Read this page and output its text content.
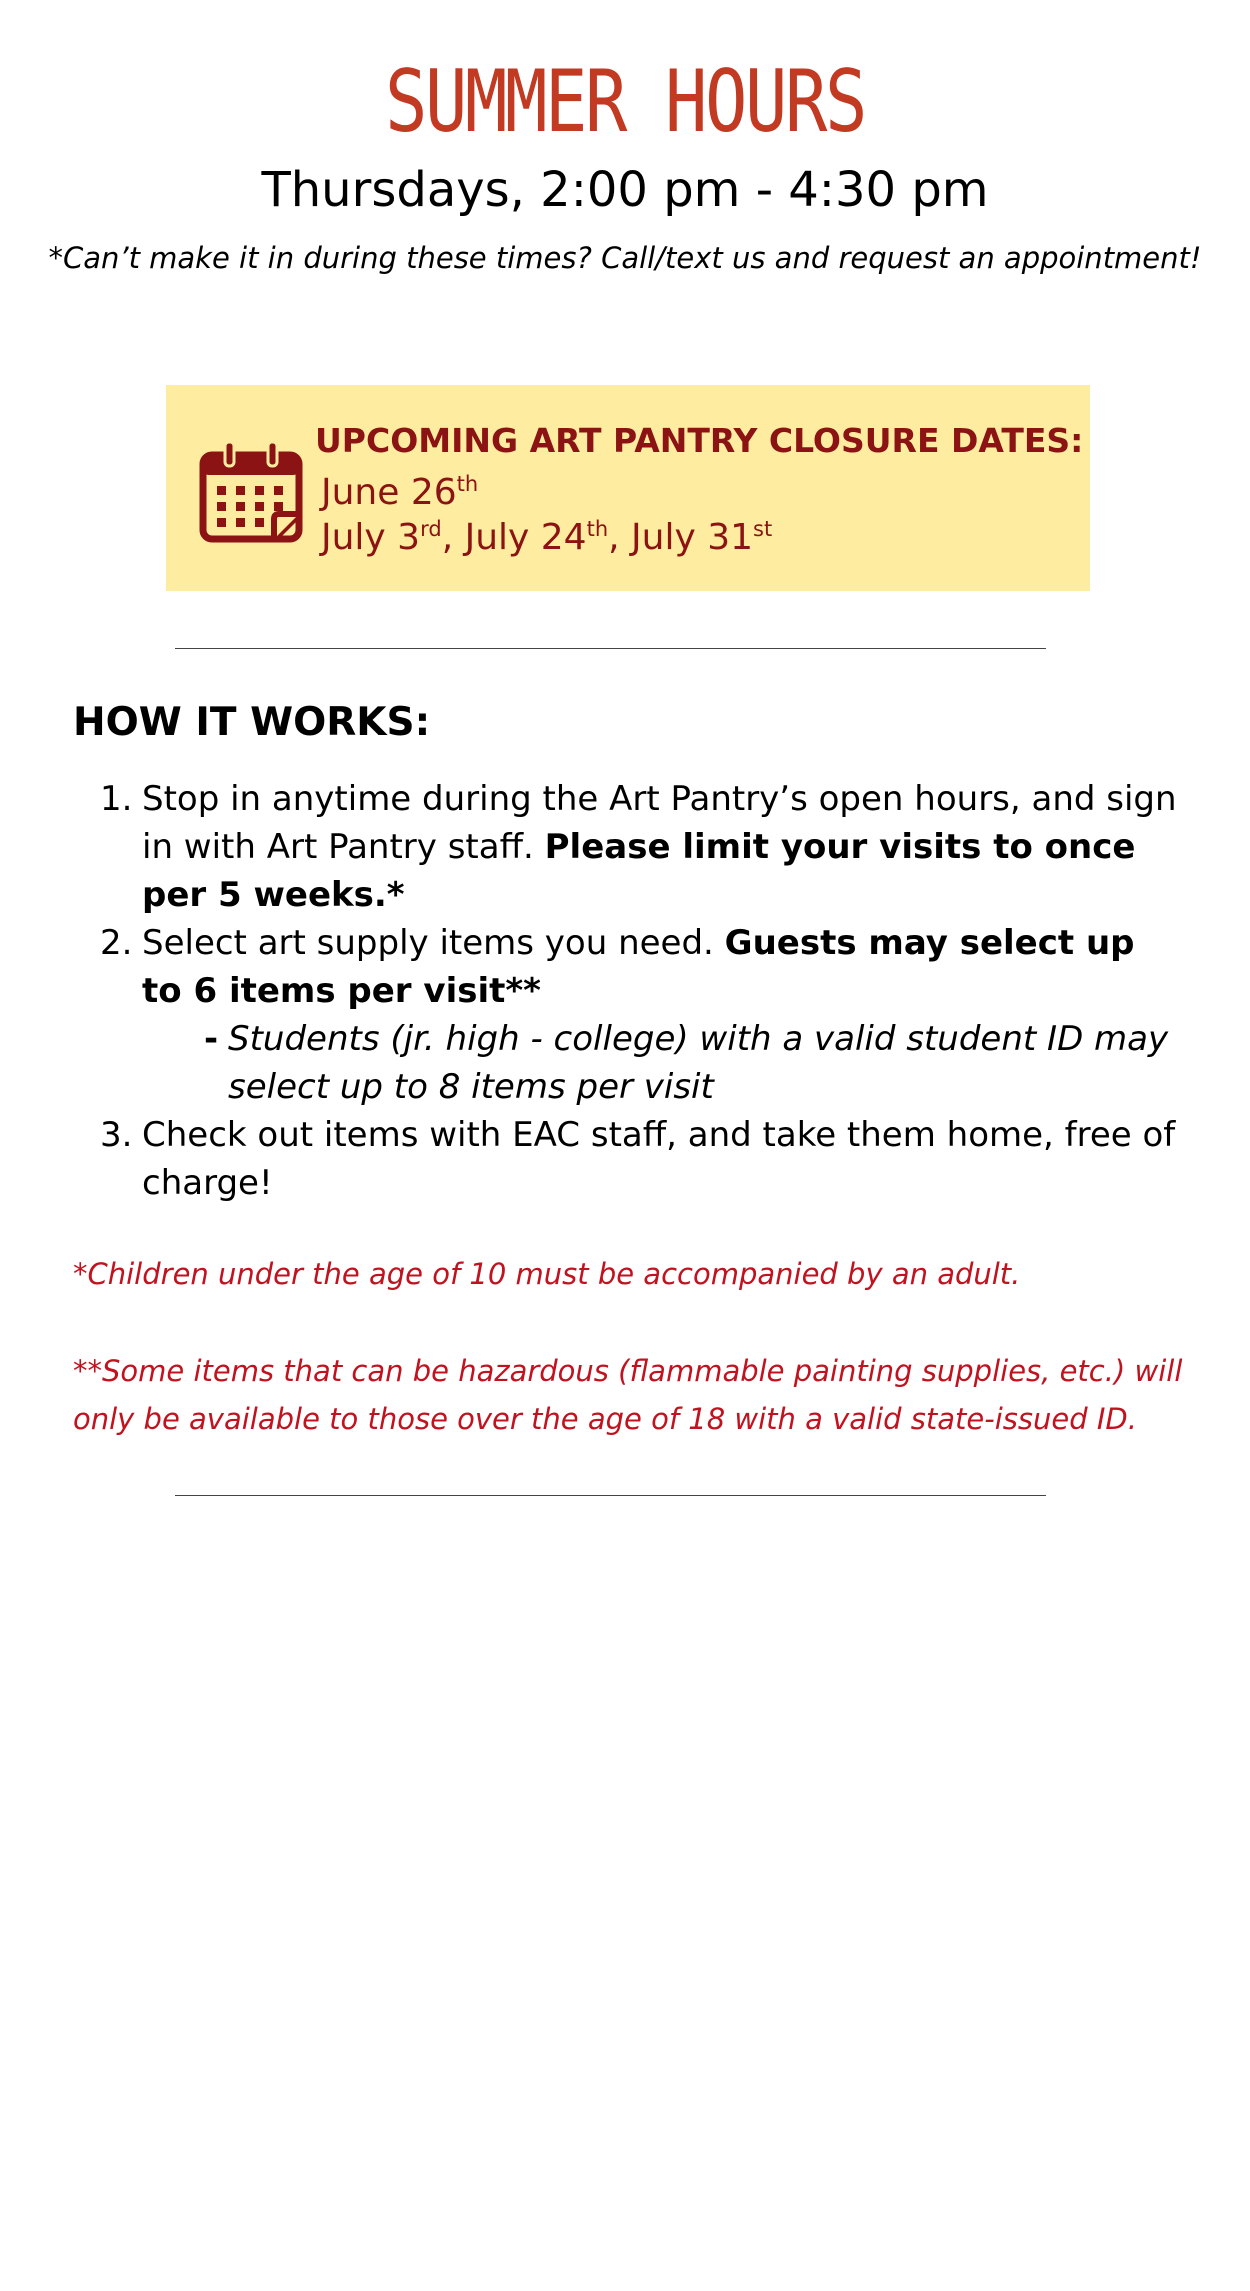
SUMMER HOURS
Thursdays, 2:00 pm - 4:30 pm
*Can’t make it in during these times? Call/text us and request an appointment!
UPCOMING ART PANTRY CLOSURE DATES:
June 26th
July 3rd, July 24th, July 31st
HOW IT WORKS:
1. Stop in anytime during the Art Pantry’s open hours, and sign in with Art Pantry staff. Please limit your visits to once per 5 weeks.*
2. Select art supply items you need. Guests may select up to 6 items per visit**
- Students (jr. high - college) with a valid student ID may select up to 8 items per visit
3. Check out items with EAC staff, and take them home, free of charge!
*Children under the age of 10 must be accompanied by an adult.
**Some items that can be hazardous (flammable painting supplies, etc.) will only be available to those over the age of 18 with a valid state-issued ID.
